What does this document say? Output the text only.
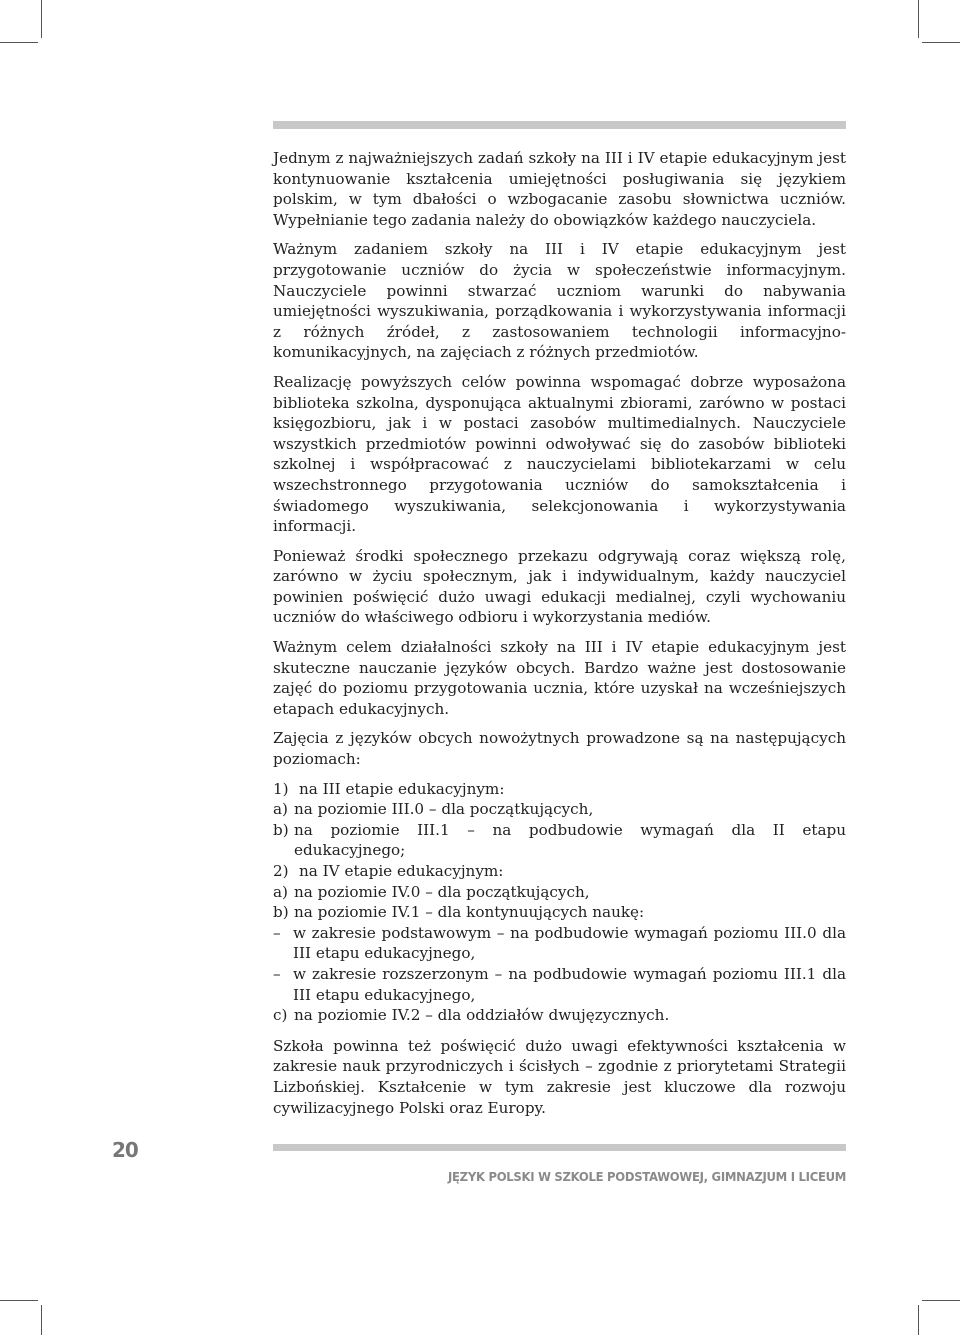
Jednym z najważniejszych zadań szkoły na III i IV etapie edukacyjnym jest kontynuowanie kształcenia umiejętności posługiwania się językiem polskim, w tym dbałości o wzbogacanie zasobu słownictwa uczniów. Wypełnianie tego zadania należy do obowiązków każdego nauczyciela.

Ważnym zadaniem szkoły na III i IV etapie edukacyjnym jest przygotowanie uczniów do życia w społeczeństwie informacyjnym. Nauczyciele powinni stwarzać uczniom warunki do nabywania umiejętności wyszukiwania, porządkowania i wykorzystywania informacji z różnych źródeł, z zastosowaniem technologii informacyjno-komunikacyjnych, na zajęciach z różnych przedmiotów.

Realizację powyższych celów powinna wspomagać dobrze wyposażona biblioteka szkolna, dysponująca aktualnymi zbiorami, zarówno w postaci księgozbioru, jak i w postaci zasobów multimedialnych. Nauczyciele wszystkich przedmiotów powinni odwoływać się do zasobów biblioteki szkolnej i współpracować z nauczycielami bibliotekarzami w celu wszechstronnego przygotowania uczniów do samokształcenia i świadomego wyszukiwania, selekcjonowania i wykorzystywania informacji.

Ponieważ środki społecznego przekazu odgrywają coraz większą rolę, zarówno w życiu społecznym, jak i indywidualnym, każdy nauczyciel powinien poświęcić dużo uwagi edukacji medialnej, czyli wychowaniu uczniów do właściwego odbioru i wykorzystania mediów.

Ważnym celem działalności szkoły na III i IV etapie edukacyjnym jest skuteczne nauczanie języków obcych. Bardzo ważne jest dostosowanie zajęć do poziomu przygotowania ucznia, które uzyskał na wcześniejszych etapach edukacyjnych.

Zajęcia z języków obcych nowożytnych prowadzone są na następujących poziomach:

1) na III etapie edukacyjnym:
a) na poziomie III.0 – dla początkujących,
b) na poziomie III.1 – na podbudowie wymagań dla II etapu edukacyjnego;
2) na IV etapie edukacyjnym:
a) na poziomie IV.0 – dla początkujących,
b) na poziomie IV.1 – dla kontynuujących naukę:
– w zakresie podstawowym – na podbudowie wymagań poziomu III.0 dla III etapu edukacyjnego,
– w zakresie rozszerzonym – na podbudowie wymagań poziomu III.1 dla III etapu edukacyjnego,
c) na poziomie IV.2 – dla oddziałów dwujęzycznych.

Szkoła powinna też poświęcić dużo uwagi efektywności kształcenia w zakresie nauk przyrodniczych i ścisłych – zgodnie z priorytetami Strategii Lizbońskiej. Kształcenie w tym zakresie jest kluczowe dla rozwoju cywilizacyjnego Polski oraz Europy.

20
JĘZYK POLSKI W SZKOLE PODSTAWOWEJ, GIMNAZJUM I LICEUM
